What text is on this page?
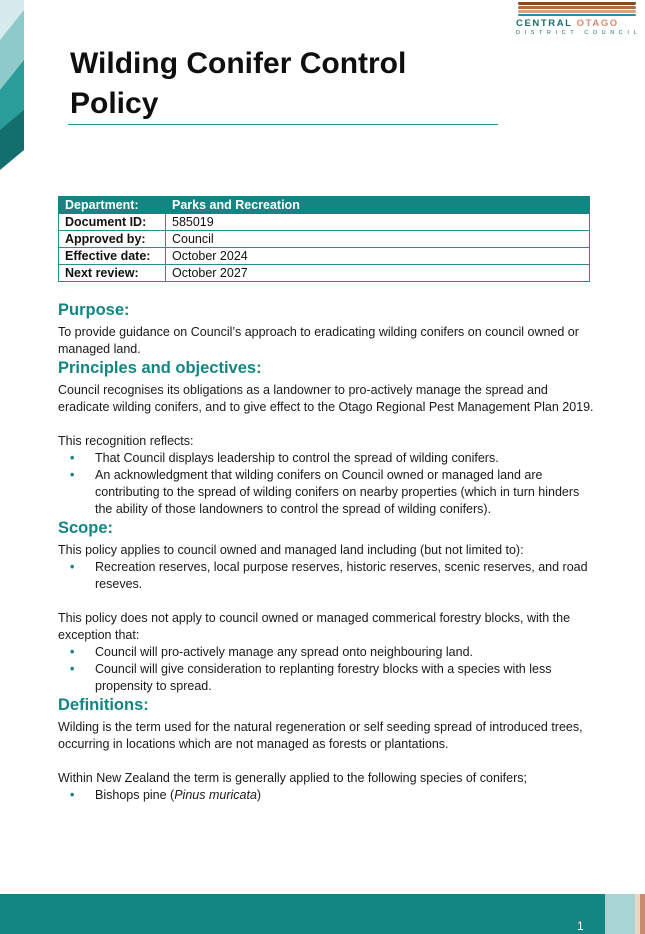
CENTRAL OTAGO
DISTRICT COUNCIL
Wilding Conifer Control Policy
Department:	Parks and Recreation
Document ID:	585019
Approved by:	Council
Effective date:	October 2024
Next review:	October 2027
Purpose:

To provide guidance on Council’s approach to eradicating wilding conifers on council owned or managed land.

Principles and objectives:

Council recognises its obligations as a landowner to pro-actively manage the spread and eradicate wilding conifers, and to give effect to the Otago Regional Pest Management Plan 2019.

This recognition reflects:

• That Council displays leadership to control the spread of wilding conifers.
• An acknowledgment that wilding conifers on Council owned or managed land are contributing to the spread of wilding conifers on nearby properties (which in turn hinders the ability of those landowners to control the spread of wilding conifers).
Scope:

This policy applies to council owned and managed land including (but not limited to):

• Recreation reserves, local purpose reserves, historic reserves, scenic reserves, and road reseves.

This policy does not apply to council owned or managed commerical forestry blocks, with the exception that:

• Council will pro-actively manage any spread onto neighbouring land.
• Council will give consideration to replanting forestry blocks with a species with less propensity to spread.
Definitions:

Wilding is the term used for the natural regeneration or self seeding spread of introduced trees, occurring in locations which are not managed as forests or plantations.

Within New Zealand the term is generally applied to the following species of conifers;

• Bishops pine (Pinus muricata)
1
